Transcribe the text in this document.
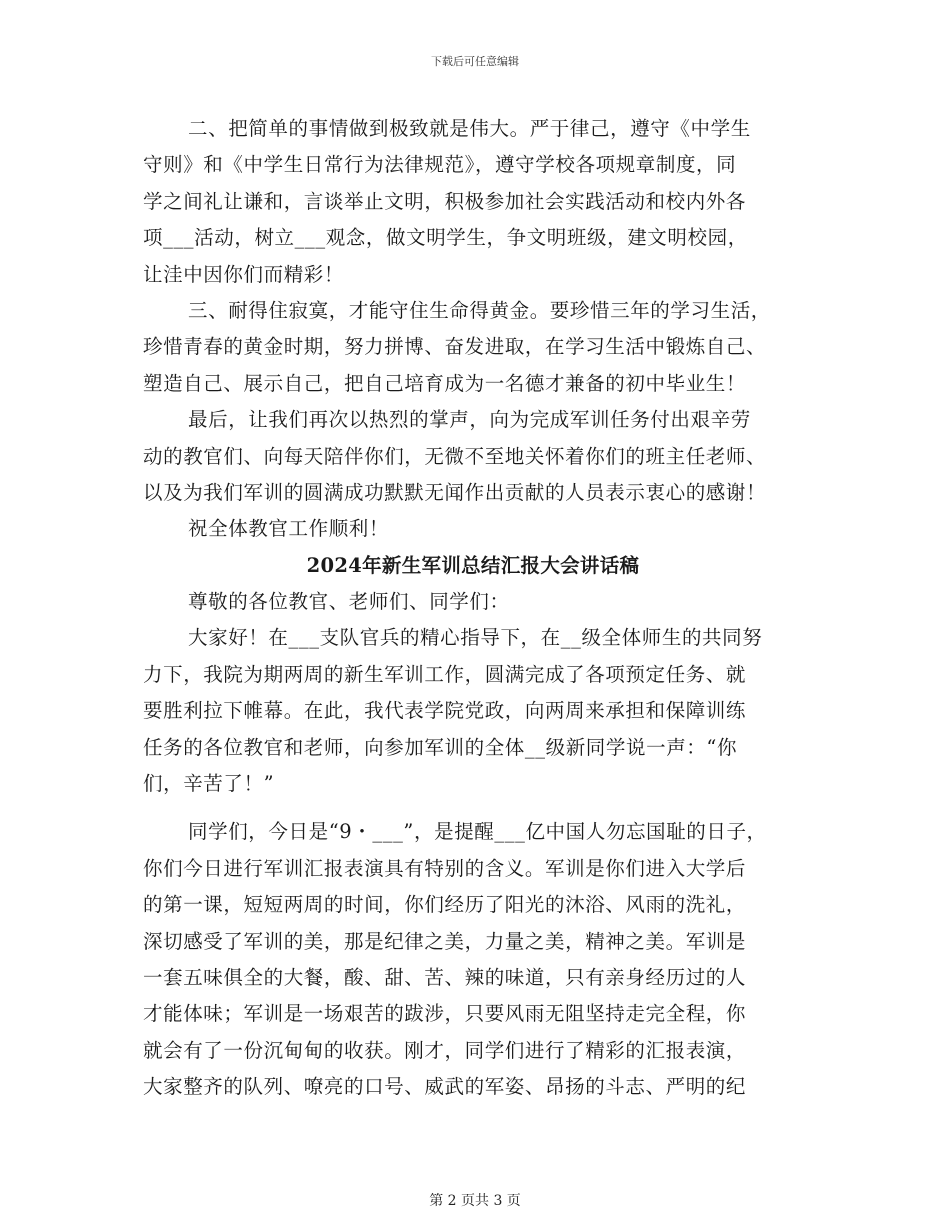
下载后可任意编辑
二、把简单的事情做到极致就是伟大。严于律己，遵守《中学生
守则》和《中学生日常行为法律规范》，遵守学校各项规章制度，同
学之间礼让谦和，言谈举止文明，积极参加社会实践活动和校内外各
项___活动，树立___观念，做文明学生，争文明班级，建文明校园，
让洼中因你们而精彩！
三、耐得住寂寞，才能守住生命得黄金。要珍惜三年的学习生活，
珍惜青春的黄金时期，努力拼博、奋发进取，在学习生活中锻炼自己、
塑造自己、展示自己，把自己培育成为一名德才兼备的初中毕业生！
最后，让我们再次以热烈的掌声，向为完成军训任务付出艰辛劳
动的教官们、向每天陪伴你们，无微不至地关怀着你们的班主任老师、
以及为我们军训的圆满成功默默无闻作出贡献的人员表示衷心的感谢！
祝全体教官工作顺利！
2024年新生军训总结汇报大会讲话稿
尊敬的各位教官、老师们、同学们：
大家好！在___支队官兵的精心指导下，在__级全体师生的共同努
力下，我院为期两周的新生军训工作，圆满完成了各项预定任务、就
要胜利拉下帷幕。在此，我代表学院党政，向两周来承担和保障训练
任务的各位教官和老师，向参加军训的全体__级新同学说一声：“你
们，辛苦了！”
同学们，今日是“9・___”，是提醒___亿中国人勿忘国耻的日子，
你们今日进行军训汇报表演具有特别的含义。军训是你们进入大学后
的第一课，短短两周的时间，你们经历了阳光的沐浴、风雨的洗礼，
深切感受了军训的美，那是纪律之美，力量之美，精神之美。军训是
一套五味俱全的大餐，酸、甜、苦、辣的味道，只有亲身经历过的人
才能体味；军训是一场艰苦的跋涉，只要风雨无阻坚持走完全程，你
就会有了一份沉甸甸的收获。刚才，同学们进行了精彩的汇报表演，
大家整齐的队列、嘹亮的口号、威武的军姿、昂扬的斗志、严明的纪
第 2 页共 3 页
